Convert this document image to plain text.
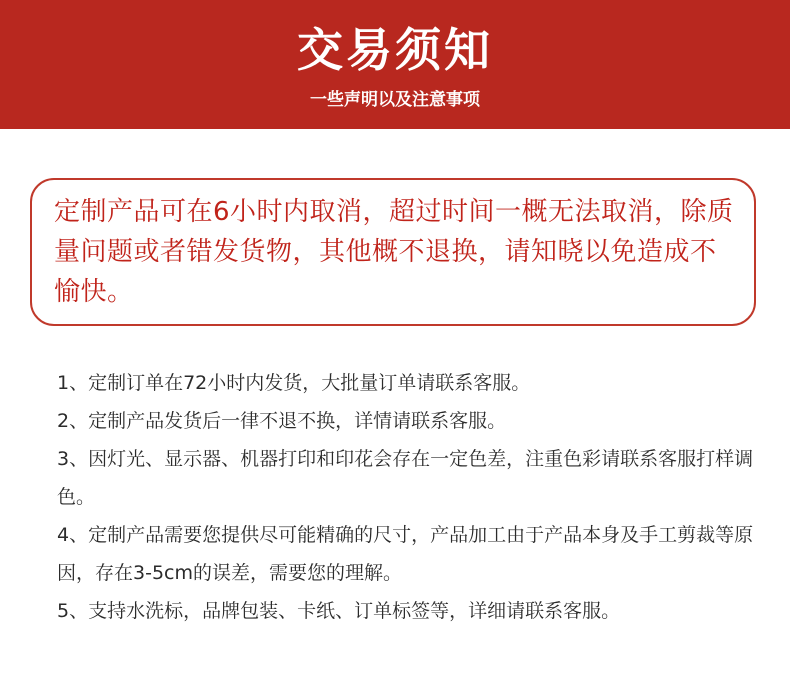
交易须知
一些声明以及注意事项
定制产品可在6小时内取消，超过时间一概无法取消，除质量问题或者错发货物，其他概不退换，请知晓以免造成不愉快。

1、定制订单在72小时内发货，大批量订单请联系客服。

2、定制产品发货后一律不退不换，详情请联系客服。

3、因灯光、显示器、机器打印和印花会存在一定色差，注重色彩请联系客服打样调色。

4、定制产品需要您提供尽可能精确的尺寸，产品加工由于产品本身及手工剪裁等原因，存在3-5cm的误差，需要您的理解。

5、支持水洗标，品牌包装、卡纸、订单标签等，详细请联系客服。
